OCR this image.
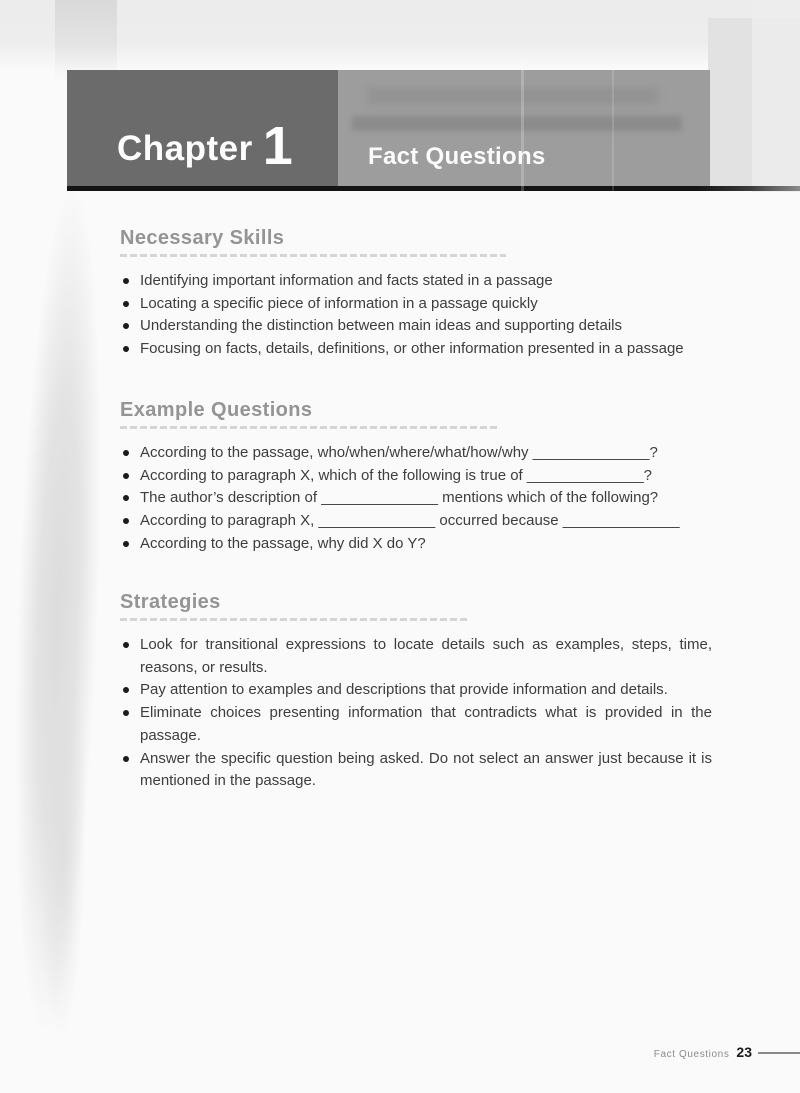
Chapter 1	Fact Questions
Necessary Skills
Identifying important information and facts stated in a passage
Locating a specific piece of information in a passage quickly
Understanding the distinction between main ideas and supporting details
Focusing on facts, details, definitions, or other information presented in a passage
Example Questions
According to the passage, who/when/where/what/how/why ______________?
According to paragraph X, which of the following is true of ______________?
The author’s description of ______________ mentions which of the following?
According to paragraph X, ______________ occurred because ______________
According to the passage, why did X do Y?
Strategies
Look for transitional expressions to locate details such as examples, steps, time, reasons, or results.
Pay attention to examples and descriptions that provide information and details.
Eliminate choices presenting information that contradicts what is provided in the passage.
Answer the specific question being asked. Do not select an answer just because it is mentioned in the passage.
Fact Questions 23
